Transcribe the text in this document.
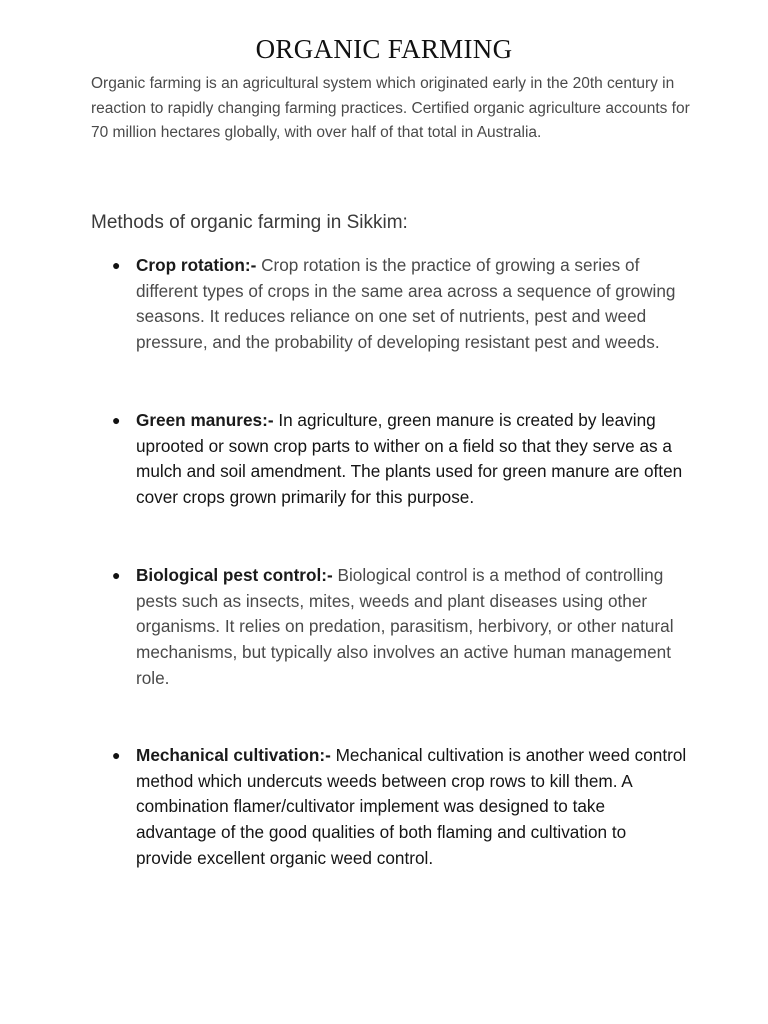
ORGANIC FARMING
Organic farming is an agricultural system which originated early in the 20th century in reaction to rapidly changing farming practices. Certified organic agriculture accounts for 70 million hectares globally, with over half of that total in Australia.
Methods of organic farming in Sikkim:
● Crop rotation:- Crop rotation is the practice of growing a series of different types of crops in the same area across a sequence of growing seasons. It reduces reliance on one set of nutrients, pest and weed pressure, and the probability of developing resistant pest and weeds.
● Green manures:- In agriculture, green manure is created by leaving uprooted or sown crop parts to wither on a field so that they serve as a mulch and soil amendment. The plants used for green manure are often cover crops grown primarily for this purpose.
● Biological pest control:- Biological control is a method of controlling pests such as insects, mites, weeds and plant diseases using other organisms. It relies on predation, parasitism, herbivory, or other natural mechanisms, but typically also involves an active human management role.
● Mechanical cultivation:- Mechanical cultivation is another weed control method which undercuts weeds between crop rows to kill them. A combination flamer/cultivator implement was designed to take advantage of the good qualities of both flaming and cultivation to provide excellent organic weed control.
